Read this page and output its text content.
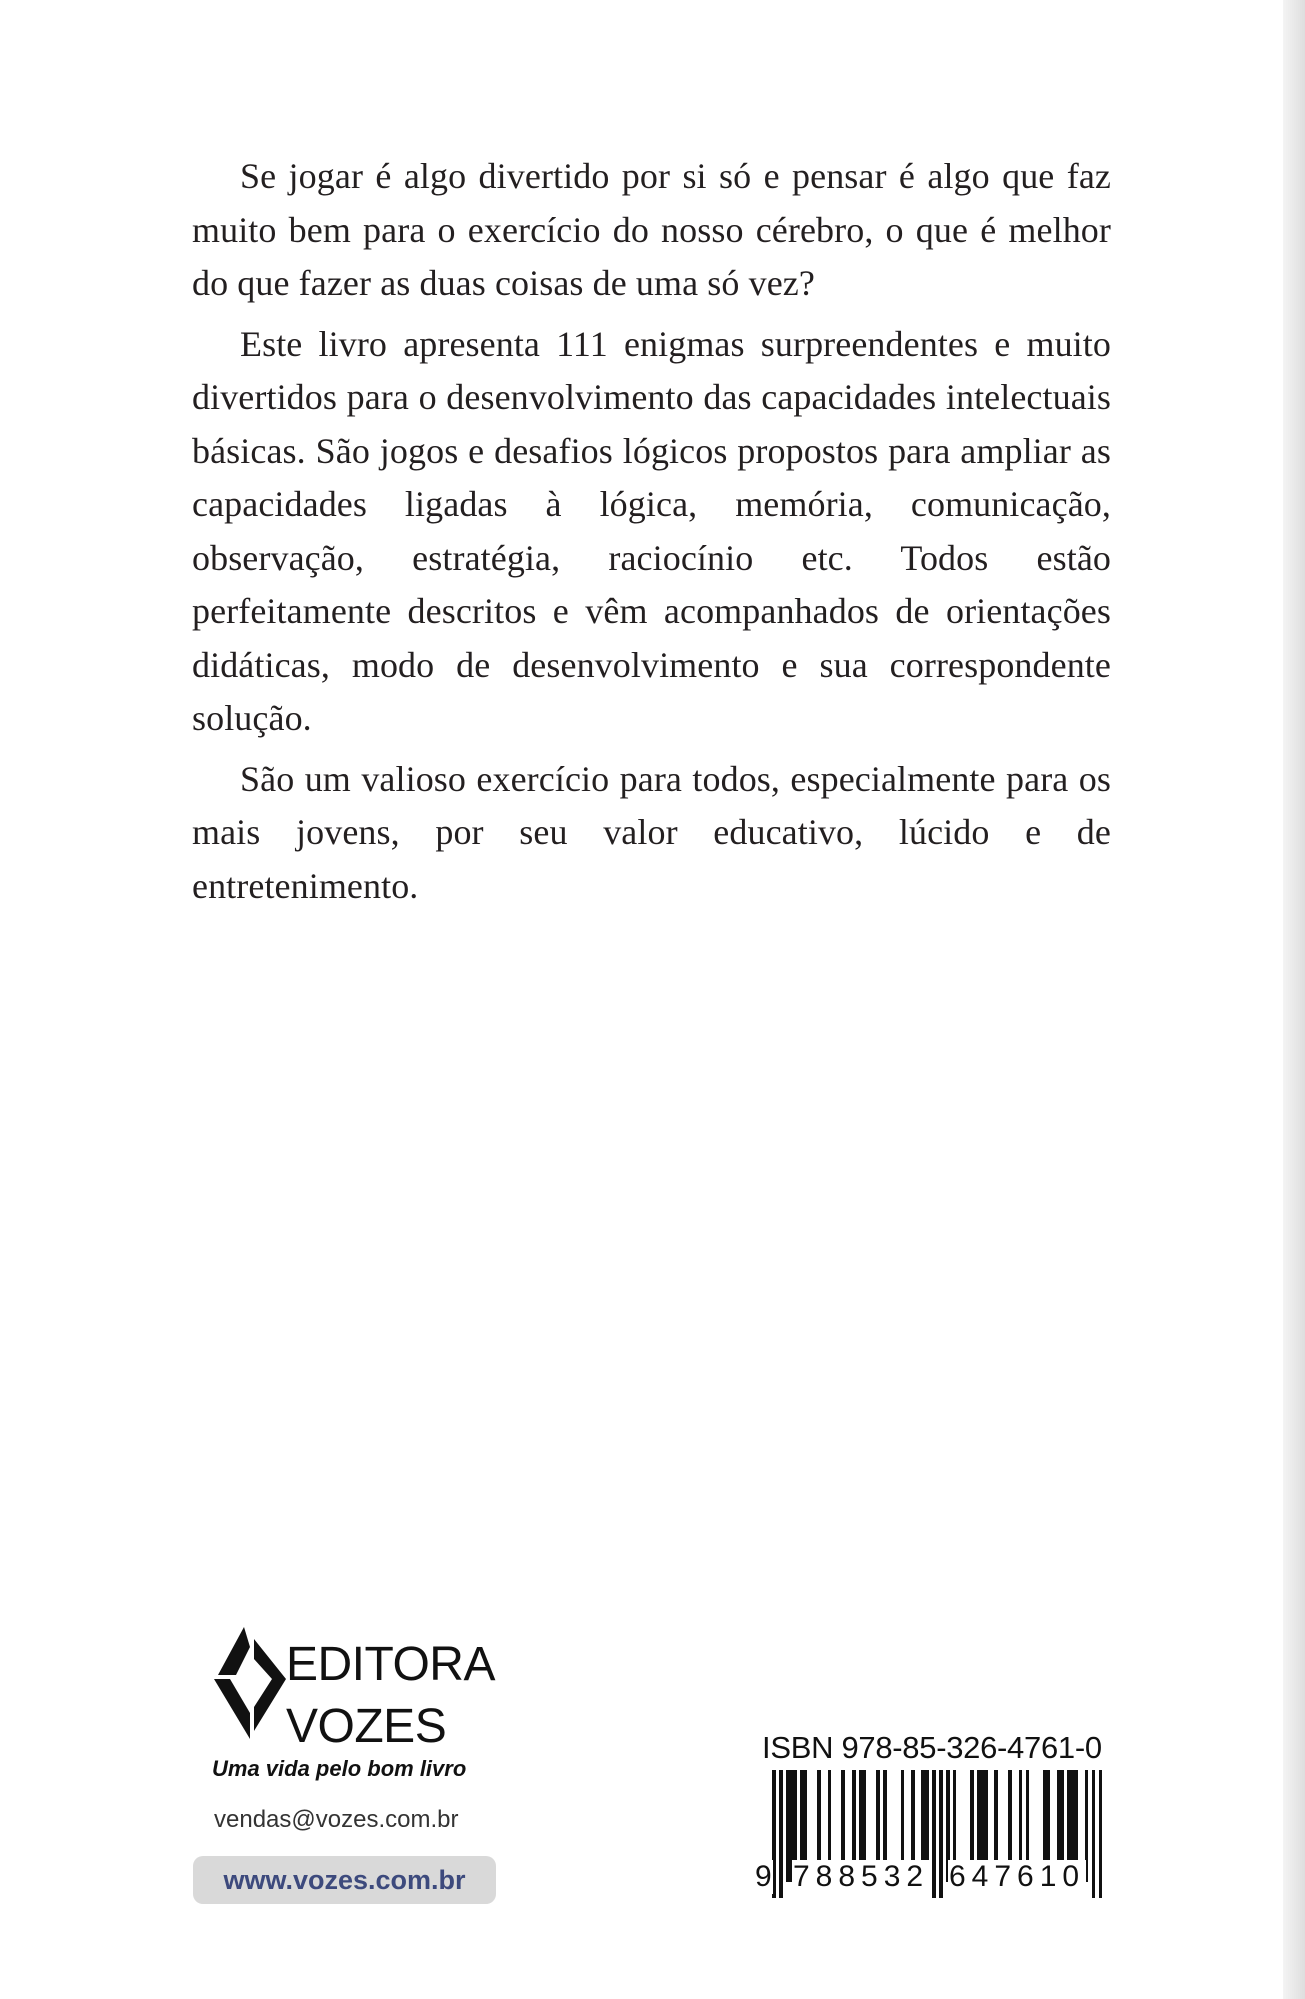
Se jogar é algo divertido por si só e pensar é algo que faz muito bem para o exercício do nosso cérebro, o que é melhor do que fazer as duas coisas de uma só vez?

Este livro apresenta 111 enigmas surpreendentes e muito divertidos para o desenvolvimento das capacidades intelectuais básicas. São jogos e desafios lógicos propostos para ampliar as capacidades ligadas à lógica, memória, comunicação, observação, estratégia, raciocínio etc. Todos estão perfeitamente descritos e vêm acompanhados de orientações didáticas, modo de desenvolvimento e sua correspondente solução.

São um valioso exercício para todos, especialmente para os mais jovens, por seu valor educativo, lúcido e de entretenimento.

EDITORA
VOZES
Uma vida pelo bom livro
vendas@vozes.com.br
www.vozes.com.br
ISBN 978-85-326-4761-0
9 788532 647610
